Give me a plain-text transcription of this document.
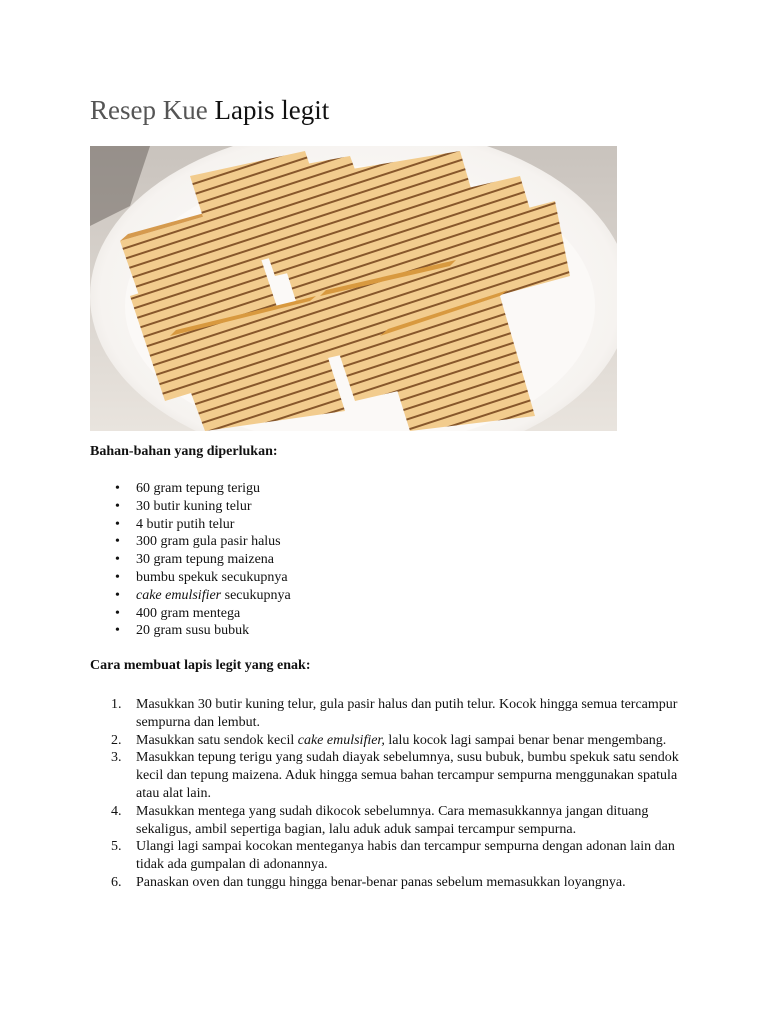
Resep Kue Lapis legit
Bahan-bahan yang diperlukan:
• 60 gram tepung terigu
• 30 butir kuning telur
• 4 butir putih telur
• 300 gram gula pasir halus
• 30 gram tepung maizena
• bumbu spekuk secukupnya
• cake emulsifier secukupnya
• 400 gram mentega
• 20 gram susu bubuk
Cara membuat lapis legit yang enak:
1. Masukkan 30 butir kuning telur, gula pasir halus dan putih telur. Kocok hingga semua tercampur sempurna dan lembut.
2. Masukkan satu sendok kecil cake emulsifier, lalu kocok lagi sampai benar benar mengembang.
3. Masukkan tepung terigu yang sudah diayak sebelumnya, susu bubuk, bumbu spekuk satu sendok kecil dan tepung maizena. Aduk hingga semua bahan tercampur sempurna menggunakan spatula atau alat lain.
4. Masukkan mentega yang sudah dikocok sebelumnya. Cara memasukkannya jangan dituang sekaligus, ambil sepertiga bagian, lalu aduk aduk sampai tercampur sempurna.
5. Ulangi lagi sampai kocokan menteganya habis dan tercampur sempurna dengan adonan lain dan tidak ada gumpalan di adonannya.
6. Panaskan oven dan tunggu hingga benar-benar panas sebelum memasukkan loyangnya.
